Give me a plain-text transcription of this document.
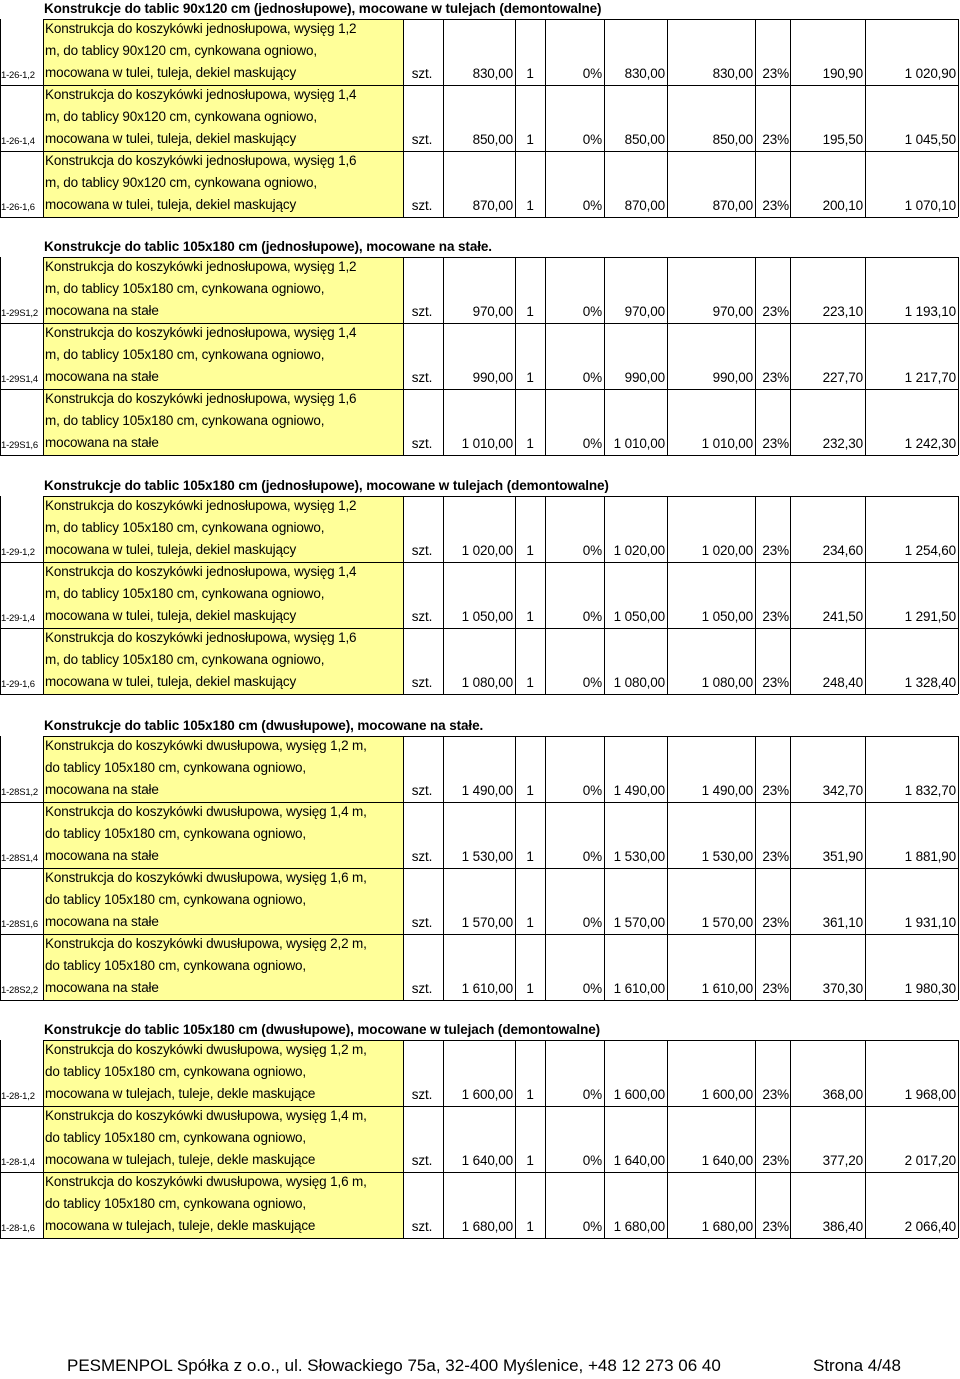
Konstrukcje do tablic 90x120 cm (jednosłupowe), mocowane w tulejach (demontowalne)
Konstrukcja do koszykówki jednosłupowa, wysięg 1,2
m, do tablicy 90x120 cm, cynkowana ogniowo,
mocowana w tulei, tuleja, dekiel maskujący
1-26-1,2	szt.	830,00 1	0%	830,00	830,00 23%	190,90	1 020,90
Konstrukcja do koszykówki jednosłupowa, wysięg 1,4
m, do tablicy 90x120 cm, cynkowana ogniowo,
mocowana w tulei, tuleja, dekiel maskujący
1-26-1,4	szt.	850,00 1	0%	850,00	850,00 23%	195,50	1 045,50
Konstrukcja do koszykówki jednosłupowa, wysięg 1,6
m, do tablicy 90x120 cm, cynkowana ogniowo,
mocowana w tulei, tuleja, dekiel maskujący
1-26-1,6	szt.	870,00 1	0%	870,00	870,00 23%	200,10	1 070,10
Konstrukcje do tablic 105x180 cm (jednosłupowe), mocowane na stałe.
Konstrukcja do koszykówki jednosłupowa, wysięg 1,2
m, do tablicy 105x180 cm, cynkowana ogniowo,
mocowana na stałe
1-29S1,2	szt.	970,00 1	0%	970,00	970,00 23%	223,10	1 193,10
Konstrukcja do koszykówki jednosłupowa, wysięg 1,4
m, do tablicy 105x180 cm, cynkowana ogniowo,
mocowana na stałe
1-29S1,4	szt.	990,00 1	0%	990,00	990,00 23%	227,70	1 217,70
Konstrukcja do koszykówki jednosłupowa, wysięg 1,6
m, do tablicy 105x180 cm, cynkowana ogniowo,
mocowana na stałe
1-29S1,6	szt.	1 010,00 1	0% 1 010,00	1 010,00 23%	232,30	1 242,30
Konstrukcje do tablic 105x180 cm (jednosłupowe), mocowane w tulejach (demontowalne)
Konstrukcja do koszykówki jednosłupowa, wysięg 1,2
m, do tablicy 105x180 cm, cynkowana ogniowo,
mocowana w tulei, tuleja, dekiel maskujący
1-29-1,2	szt.	1 020,00 1	0% 1 020,00	1 020,00 23%	234,60	1 254,60
Konstrukcja do koszykówki jednosłupowa, wysięg 1,4
m, do tablicy 105x180 cm, cynkowana ogniowo,
mocowana w tulei, tuleja, dekiel maskujący
1-29-1,4	szt.	1 050,00 1	0% 1 050,00	1 050,00 23%	241,50	1 291,50
Konstrukcja do koszykówki jednosłupowa, wysięg 1,6
m, do tablicy 105x180 cm, cynkowana ogniowo,
mocowana w tulei, tuleja, dekiel maskujący
1-29-1,6	szt.	1 080,00 1	0% 1 080,00	1 080,00 23%	248,40	1 328,40
Konstrukcje do tablic 105x180 cm (dwusłupowe), mocowane na stałe.
Konstrukcja do koszykówki dwusłupowa, wysięg 1,2 m,
do tablicy 105x180 cm, cynkowana ogniowo,
mocowana na stałe
1-28S1,2	szt.	1 490,00 1	0% 1 490,00	1 490,00 23%	342,70	1 832,70
Konstrukcja do koszykówki dwusłupowa, wysięg 1,4 m,
do tablicy 105x180 cm, cynkowana ogniowo,
mocowana na stałe
1-28S1,4	szt.	1 530,00 1	0% 1 530,00	1 530,00 23%	351,90	1 881,90
Konstrukcja do koszykówki dwusłupowa, wysięg 1,6 m,
do tablicy 105x180 cm, cynkowana ogniowo,
mocowana na stałe
1-28S1,6	szt.	1 570,00 1	0% 1 570,00	1 570,00 23%	361,10	1 931,10
Konstrukcja do koszykówki dwusłupowa, wysięg 2,2 m,
do tablicy 105x180 cm, cynkowana ogniowo,
mocowana na stałe
1-28S2,2	szt.	1 610,00 1	0% 1 610,00	1 610,00 23%	370,30	1 980,30
Konstrukcje do tablic 105x180 cm (dwusłupowe), mocowane w tulejach (demontowalne)
Konstrukcja do koszykówki dwusłupowa, wysięg 1,2 m,
do tablicy 105x180 cm, cynkowana ogniowo,
mocowana w tulejach, tuleje, dekle maskujące
1-28-1,2	szt.	1 600,00 1	0% 1 600,00	1 600,00 23%	368,00	1 968,00
Konstrukcja do koszykówki dwusłupowa, wysięg 1,4 m,
do tablicy 105x180 cm, cynkowana ogniowo,
mocowana w tulejach, tuleje, dekle maskujące
1-28-1,4	szt.	1 640,00 1	0% 1 640,00	1 640,00 23%	377,20	2 017,20
Konstrukcja do koszykówki dwusłupowa, wysięg 1,6 m,
do tablicy 105x180 cm, cynkowana ogniowo,
mocowana w tulejach, tuleje, dekle maskujące
1-28-1,6	szt.	1 680,00 1	0% 1 680,00	1 680,00 23%	386,40	2 066,40
PESMENPOL Spółka z o.o., ul. Słowackiego 75a, 32-400 Myślenice, +48 12 273 06 40	Strona 4/48
